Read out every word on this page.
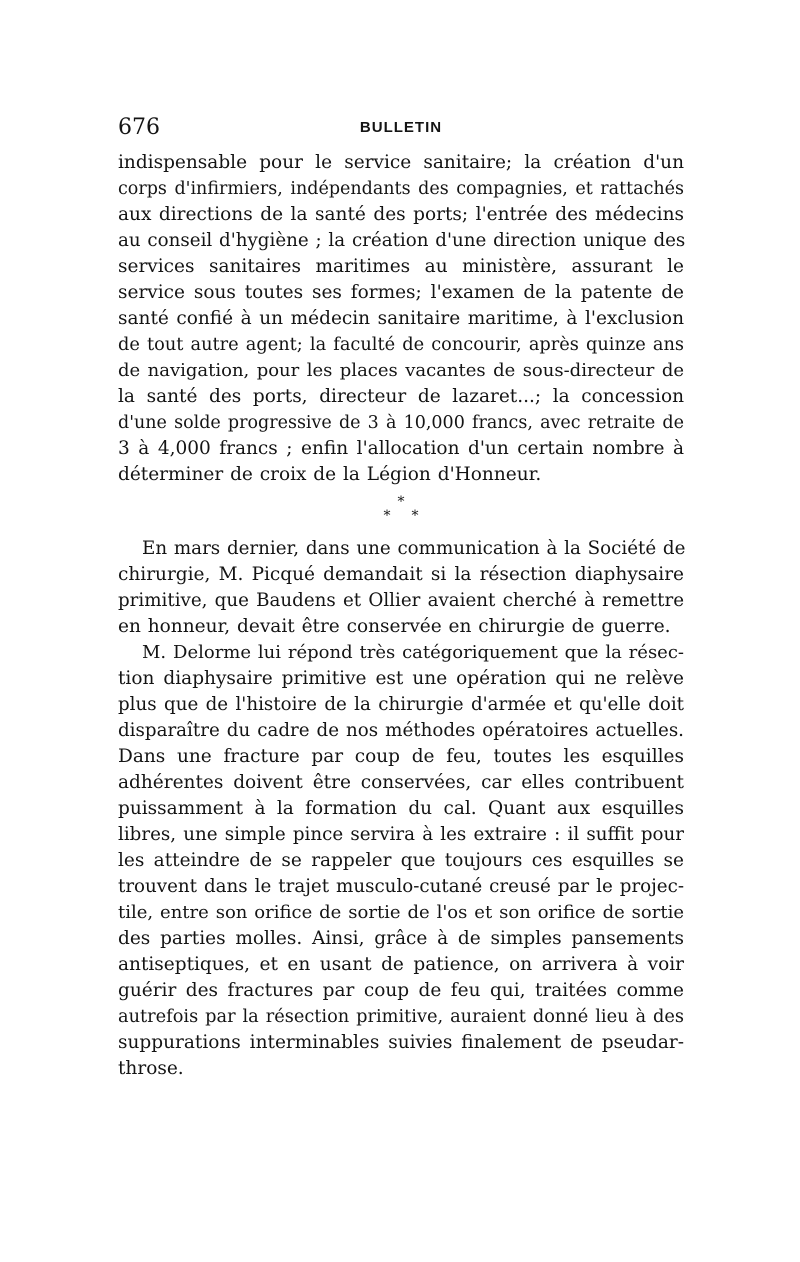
676	BULLETIN

indispensable pour le service sanitaire; la création d'un

corps d'infirmiers, indépendants des compagnies, et rattachés

aux directions de la santé des ports; l'entrée des médecins

au conseil d'hygiène ; la création d'une direction unique des

services sanitaires maritimes au ministère, assurant le

service sous toutes ses formes; l'examen de la patente de

santé confié à un médecin sanitaire maritime, à l'exclusion

de tout autre agent; la faculté de concourir, après quinze ans

de navigation, pour les places vacantes de sous-directeur de

la santé des ports, directeur de lazaret...; la concession

d'une solde progressive de 3 à 10,000 francs, avec retraite de

3 à 4,000 francs ; enfin l'allocation d'un certain nombre à

déterminer de croix de la Légion d'Honneur.

*
* *

En mars dernier, dans une communication à la Société de

chirurgie, M. Picqué demandait si la résection diaphysaire

primitive, que Baudens et Ollier avaient cherché à remettre

en honneur, devait être conservée en chirurgie de guerre.

M. Delorme lui répond très catégoriquement que la résec-

tion diaphysaire primitive est une opération qui ne relève

plus que de l'histoire de la chirurgie d'armée et qu'elle doit

disparaître du cadre de nos méthodes opératoires actuelles.

Dans une fracture par coup de feu, toutes les esquilles

adhérentes doivent être conservées, car elles contribuent

puissamment à la formation du cal. Quant aux esquilles

libres, une simple pince servira à les extraire : il suffit pour

les atteindre de se rappeler que toujours ces esquilles se

trouvent dans le trajet musculo-cutané creusé par le projec-

tile, entre son orifice de sortie de l'os et son orifice de sortie

des parties molles. Ainsi, grâce à de simples pansements

antiseptiques, et en usant de patience, on arrivera à voir

guérir des fractures par coup de feu qui, traitées comme

autrefois par la résection primitive, auraient donné lieu à des

suppurations interminables suivies finalement de pseudar-

throse.
